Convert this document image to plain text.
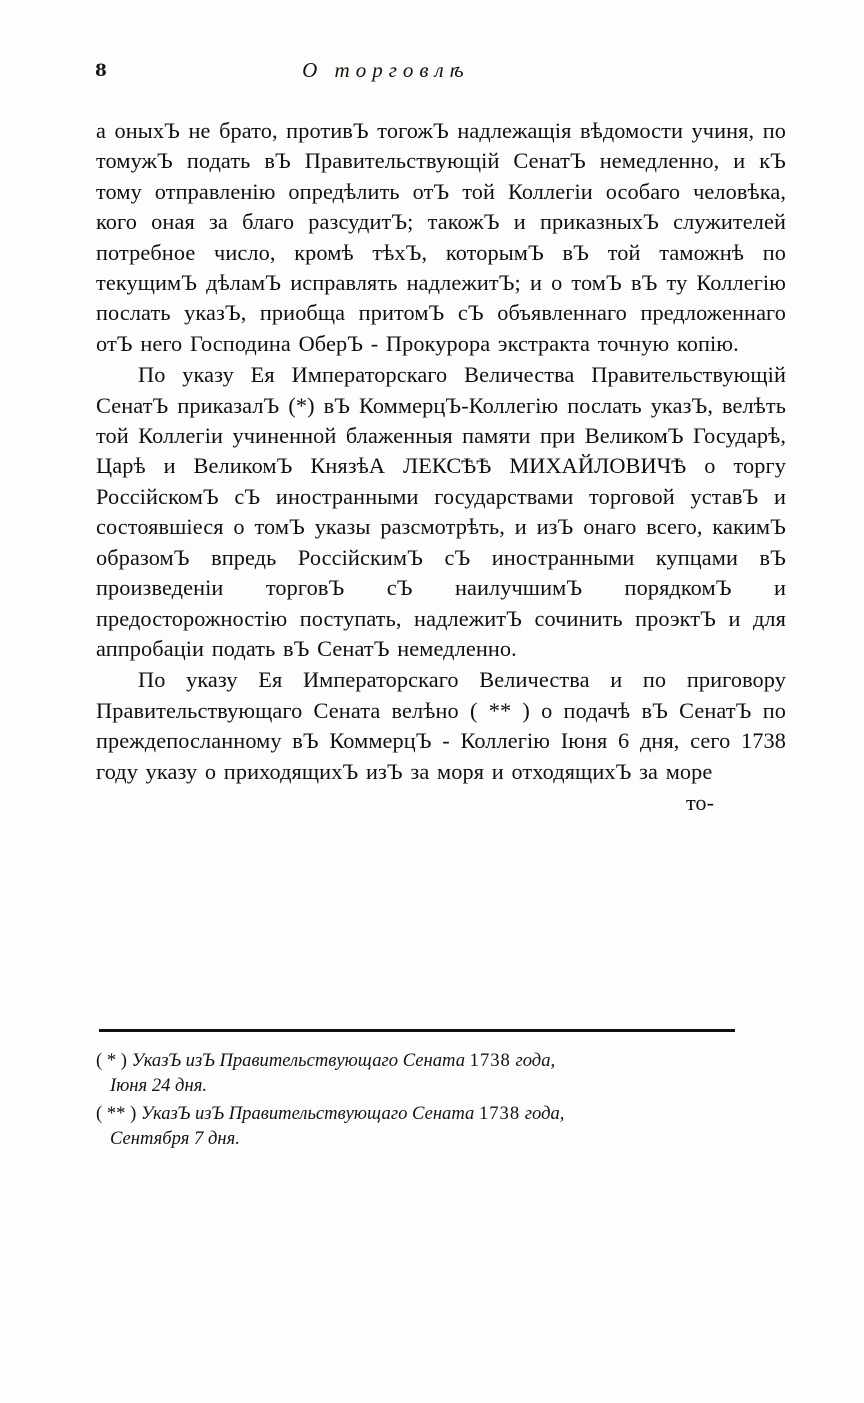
8	О торговлѣ

а оныхЪ не брато, противЪ тогожЪ надлежащія вѣдомости учиня, по томужЪ подать вЪ Правительствующій СенатЪ немедленно, и кЪ тому отправленію опредѣлить отЪ той Коллегіи особаго человѣка, кого оная за благо разсудитЪ; такожЪ и приказныхЪ служителей потребное число, кромѣ тѣхЪ, которымЪ вЪ той таможнѣ по текущимЪ дѣламЪ исправлять надлежитЪ; и о томЪ вЪ ту Коллегію послать указЪ, приобща притомЪ сЪ объявленнаго предложеннаго отЪ него Господина ОберЪ - Прокурора экстракта точную копію.

По указу Ея Императорскаго Величества Правительствующій СенатЪ приказалЪ (*) вЪ КоммерцЪ-Коллегію послать указЪ, велѣть той Коллегіи учиненной блаженныя памяти при ВеликомЪ Государѣ, Царѣ и ВеликомЪ КнязѣА ЛЕКСѢѢ МИХАЙЛОВИЧѢ о торгу РоссійскомЪ сЪ иностранными государствами торговой уставЪ и состоявшіеся о томЪ указы разсмотрѣть, и изЪ онаго всего, какимЪ образомЪ впредь РоссійскимЪ сЪ иностранными купцами вЪ произведеніи торговЪ сЪ наилучшимЪ порядкомЪ и предосторожностію поступать, надлежитЪ сочинить проэктЪ и для аппробаціи подать вЪ СенатЪ немедленно.

По указу Ея Императорскаго Величества и по приговору Правительствующаго Сената велѣно ( ** ) о подачѣ вЪ СенатЪ по преждепосланному вЪ КоммерцЪ - Коллегію Іюня 6 дня, сего 1738 году указу о приходящихЪ изЪ за моря и отходящихЪ за море

то-
( * ) УказЪ изЪ Правительствующаго Сената 1738 года,
Іюня 24 дня.
( ** ) УказЪ изЪ Правительствующаго Сената 1738 года,
Сентября 7 дня.
